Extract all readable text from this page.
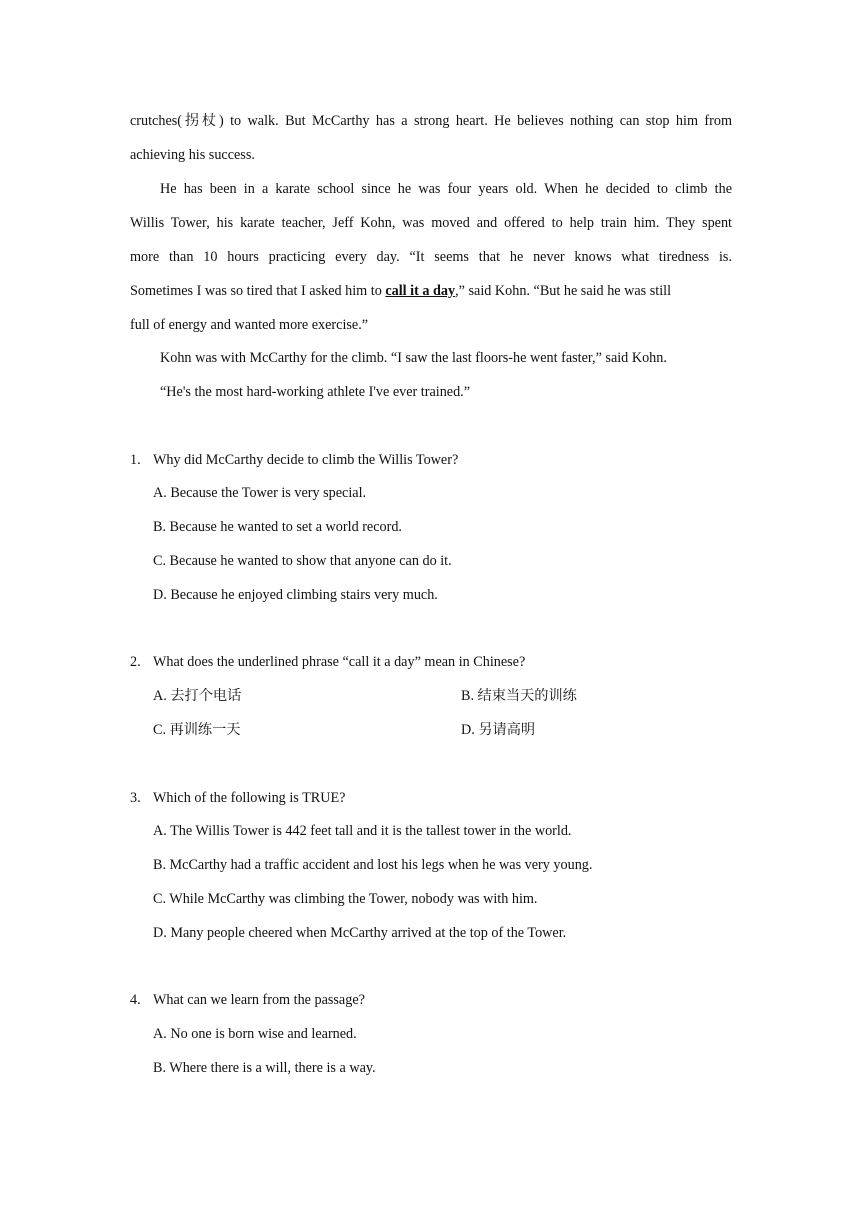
crutches(拐杖) to walk. But McCarthy has a strong heart. He believes nothing can stop him from
achieving his success.
He has been in a karate school since he was four years old. When he decided to climb the
Willis Tower, his karate teacher, Jeff Kohn, was moved and offered to help train him. They spent
more than 10 hours practicing every day. “It seems that he never knows what tiredness is.
Sometimes I was so tired that I asked him to call it a day,” said Kohn. “But he said he was still
full of energy and wanted more exercise.”
Kohn was with McCarthy for the climb. “I saw the last floors-he went faster,” said Kohn.
“He's the most hard-working athlete I've ever trained.”
1. Why did McCarthy decide to climb the Willis Tower?
A. Because the Tower is very special.
B. Because he wanted to set a world record.
C. Because he wanted to show that anyone can do it.
D. Because he enjoyed climbing stairs very much.
2. What does the underlined phrase “call it a day” mean in Chinese?
A. 去打个电话	B. 结束当天的训练
C. 再训练一天	D. 另请高明
3. Which of the following is TRUE?
A. The Willis Tower is 442 feet tall and it is the tallest tower in the world.
B. McCarthy had a traffic accident and lost his legs when he was very young.
C. While McCarthy was climbing the Tower, nobody was with him.
D. Many people cheered when McCarthy arrived at the top of the Tower.
4. What can we learn from the passage?
A. No one is born wise and learned.
B. Where there is a will, there is a way.
